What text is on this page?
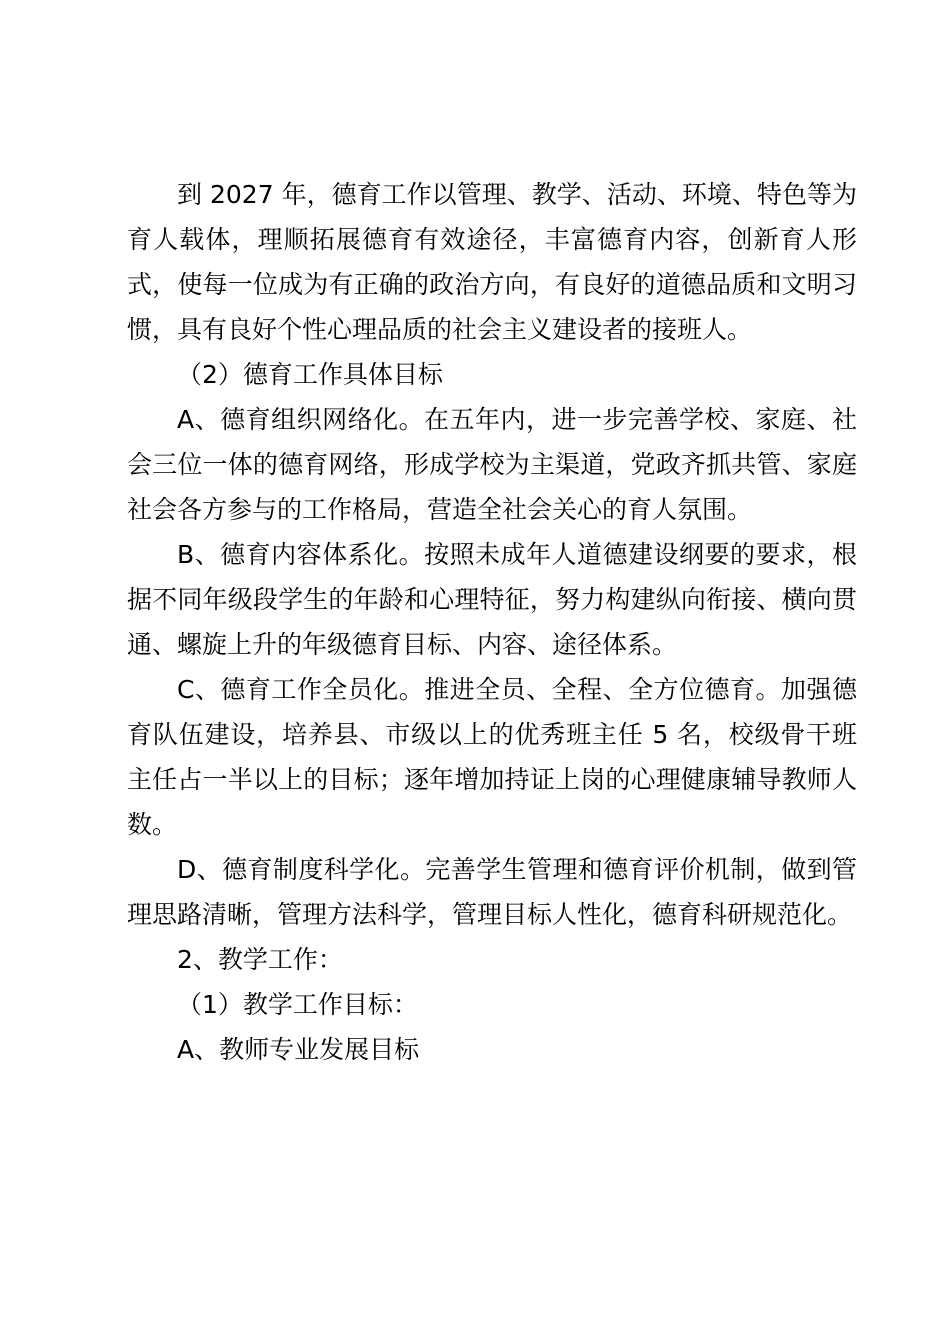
到 2027 年，德育工作以管理、教学、活动、环境、特色等为育人载体，理顺拓展德育有效途径，丰富德育内容，创新育人形式，使每一位成为有正确的政治方向，有良好的道德品质和文明习惯，具有良好个性心理品质的社会主义建设者的接班人。

（2）德育工作具体目标

A、德育组织网络化。在五年内，进一步完善学校、家庭、社会三位一体的德育网络，形成学校为主渠道，党政齐抓共管、家庭社会各方参与的工作格局，营造全社会关心的育人氛围。

B、德育内容体系化。按照未成年人道德建设纲要的要求，根据不同年级段学生的年龄和心理特征，努力构建纵向衔接、横向贯通、螺旋上升的年级德育目标、内容、途径体系。

C、德育工作全员化。推进全员、全程、全方位德育。加强德育队伍建设，培养县、市级以上的优秀班主任 5 名，校级骨干班主任占一半以上的目标；逐年增加持证上岗的心理健康辅导教师人数。

D、德育制度科学化。完善学生管理和德育评价机制，做到管理思路清晰，管理方法科学，管理目标人性化，德育科研规范化。

2、教学工作：

（1）教学工作目标：

A、教师专业发展目标
